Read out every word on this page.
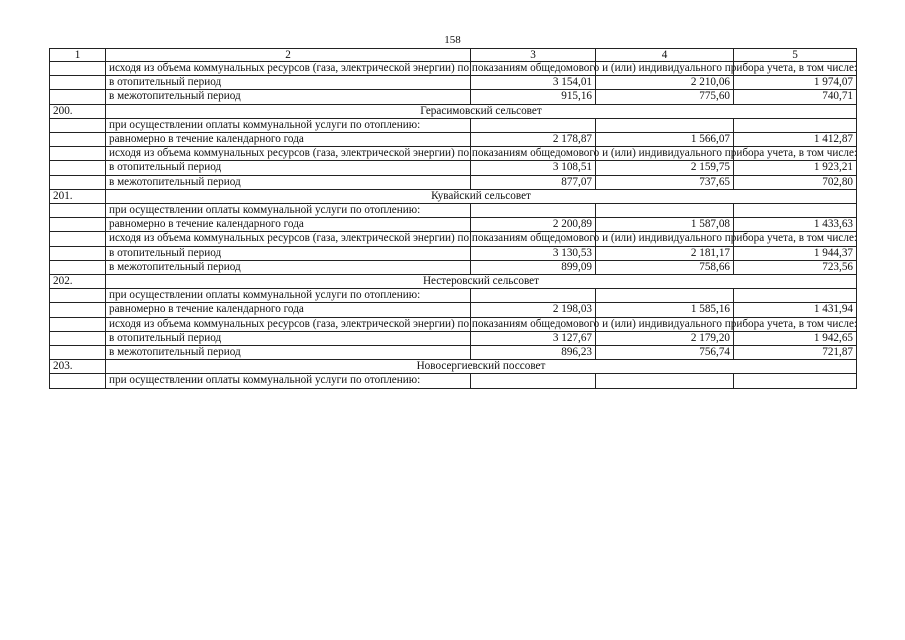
158
1	2	3	4	5
	исходя из объема коммунальных ресурсов (газа, электрической энергии) по показаниям общедомового и (или) индивидуального прибора учета, в том числе:			
	в отопительный период	3 154,01	2 210,06	1 974,07
	в межотопительный период	915,16	775,60	740,71
200.	Герасимовский сельсовет			
	при осуществлении оплаты коммунальной услуги по отоплению:			
	равномерно в течение календарного года	2 178,87	1 566,07	1 412,87
	исходя из объема коммунальных ресурсов (газа, электрической энергии) по показаниям общедомового и (или) индивидуального прибора учета, в том числе:			
	в отопительный период	3 108,51	2 159,75	1 923,21
	в межотопительный период	877,07	737,65	702,80
201.	Кувайский сельсовет			
	при осуществлении оплаты коммунальной услуги по отоплению:			
	равномерно в течение календарного года	2 200,89	1 587,08	1 433,63
	исходя из объема коммунальных ресурсов (газа, электрической энергии) по показаниям общедомового и (или) индивидуального прибора учета, в том числе:			
	в отопительный период	3 130,53	2 181,17	1 944,37
	в межотопительный период	899,09	758,66	723,56
202.	Нестеровский сельсовет			
	при осуществлении оплаты коммунальной услуги по отоплению:			
	равномерно в течение календарного года	2 198,03	1 585,16	1 431,94
	исходя из объема коммунальных ресурсов (газа, электрической энергии) по показаниям общедомового и (или) индивидуального прибора учета, в том числе:			
	в отопительный период	3 127,67	2 179,20	1 942,65
	в межотопительный период	896,23	756,74	721,87
203.	Новосергиевский поссовет			
	при осуществлении оплаты коммунальной услуги по отоплению:			
